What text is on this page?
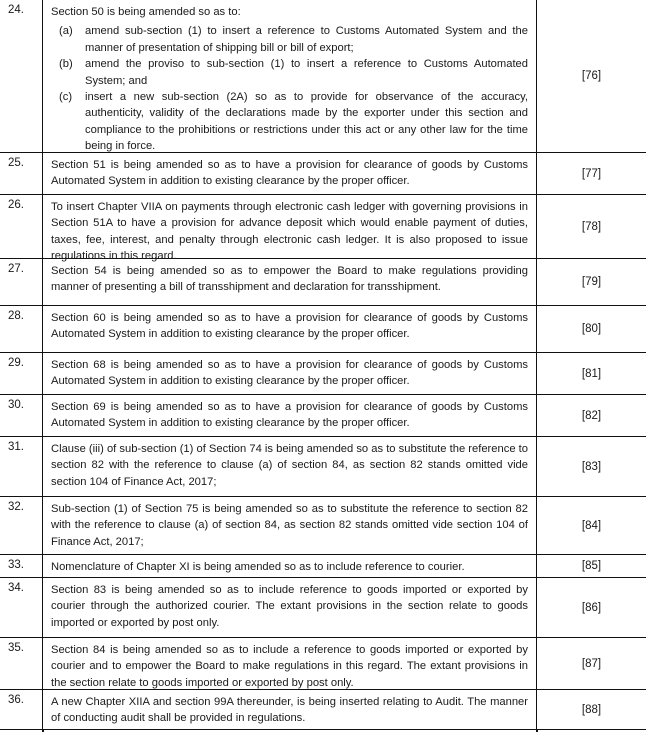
24.	Section 50 is being amended so as to:

(a)	amend sub-section (1) to insert a reference to Customs Automated System and the manner of presentation of shipping bill or bill of export;
(b)	amend the proviso to sub-section (1) to insert a reference to Customs Automated System; and
(c)	insert a new sub-section (2A) so as to provide for observance of the accuracy, authenticity, validity of the declarations made by the exporter under this section and compliance to the prohibitions or restrictions under this act or any other law for the time being in force.
[76]
25.	Section 51 is being amended so as to have a provision for clearance of goods by Customs Automated System in addition to existing clearance by the proper officer.
[77]
26.	To insert Chapter VIIA on payments through electronic cash ledger with governing provisions in Section 51A to have a provision for advance deposit which would enable payment of duties, taxes, fee, interest, and penalty through electronic cash ledger. It is also proposed to issue regulations in this regard.
[78]
27.	Section 54 is being amended so as to empower the Board to make regulations providing manner of presenting a bill of transshipment and declaration for transshipment.	[79]
28.	Section 60 is being amended so as to have a provision for clearance of goods by Customs Automated System in addition to existing clearance by the proper officer.	[80]
29.	Section 68 is being amended so as to have a provision for clearance of goods by Customs Automated System in addition to existing clearance by the proper officer.
[81]
30.	Section 69 is being amended so as to have a provision for clearance of goods by Customs Automated System in addition to existing clearance by the proper officer.
[82]
31.	Clause (iii) of sub-section (1) of Section 74 is being amended so as to substitute the reference to section 82 with the reference to clause (a) of section 84, as section 82 stands omitted vide section 104 of Finance Act, 2017;
[83]
32.	Sub-section (1) of Section 75 is being amended so as to substitute the reference to section 82 with the reference to clause (a) of section 84, as section 82 stands omitted vide section 104 of Finance Act, 2017;
[84]
33.	Nomenclature of Chapter XI is being amended so as to include reference to courier.	[85]
34.	Section 83 is being amended so as to include reference to goods imported or exported by courier through the authorized courier. The extant provisions in the section relate to goods imported or exported by post only.
[86]
35.	Section 84 is being amended so as to include a reference to goods imported or exported by courier and to empower the Board to make regulations in this regard. The extant provisions in the section relate to goods imported or exported by post only.
[87]
36.	A new Chapter XIIA and section 99A thereunder, is being inserted relating to Audit. The manner of conducting audit shall be provided in regulations.
[88]
